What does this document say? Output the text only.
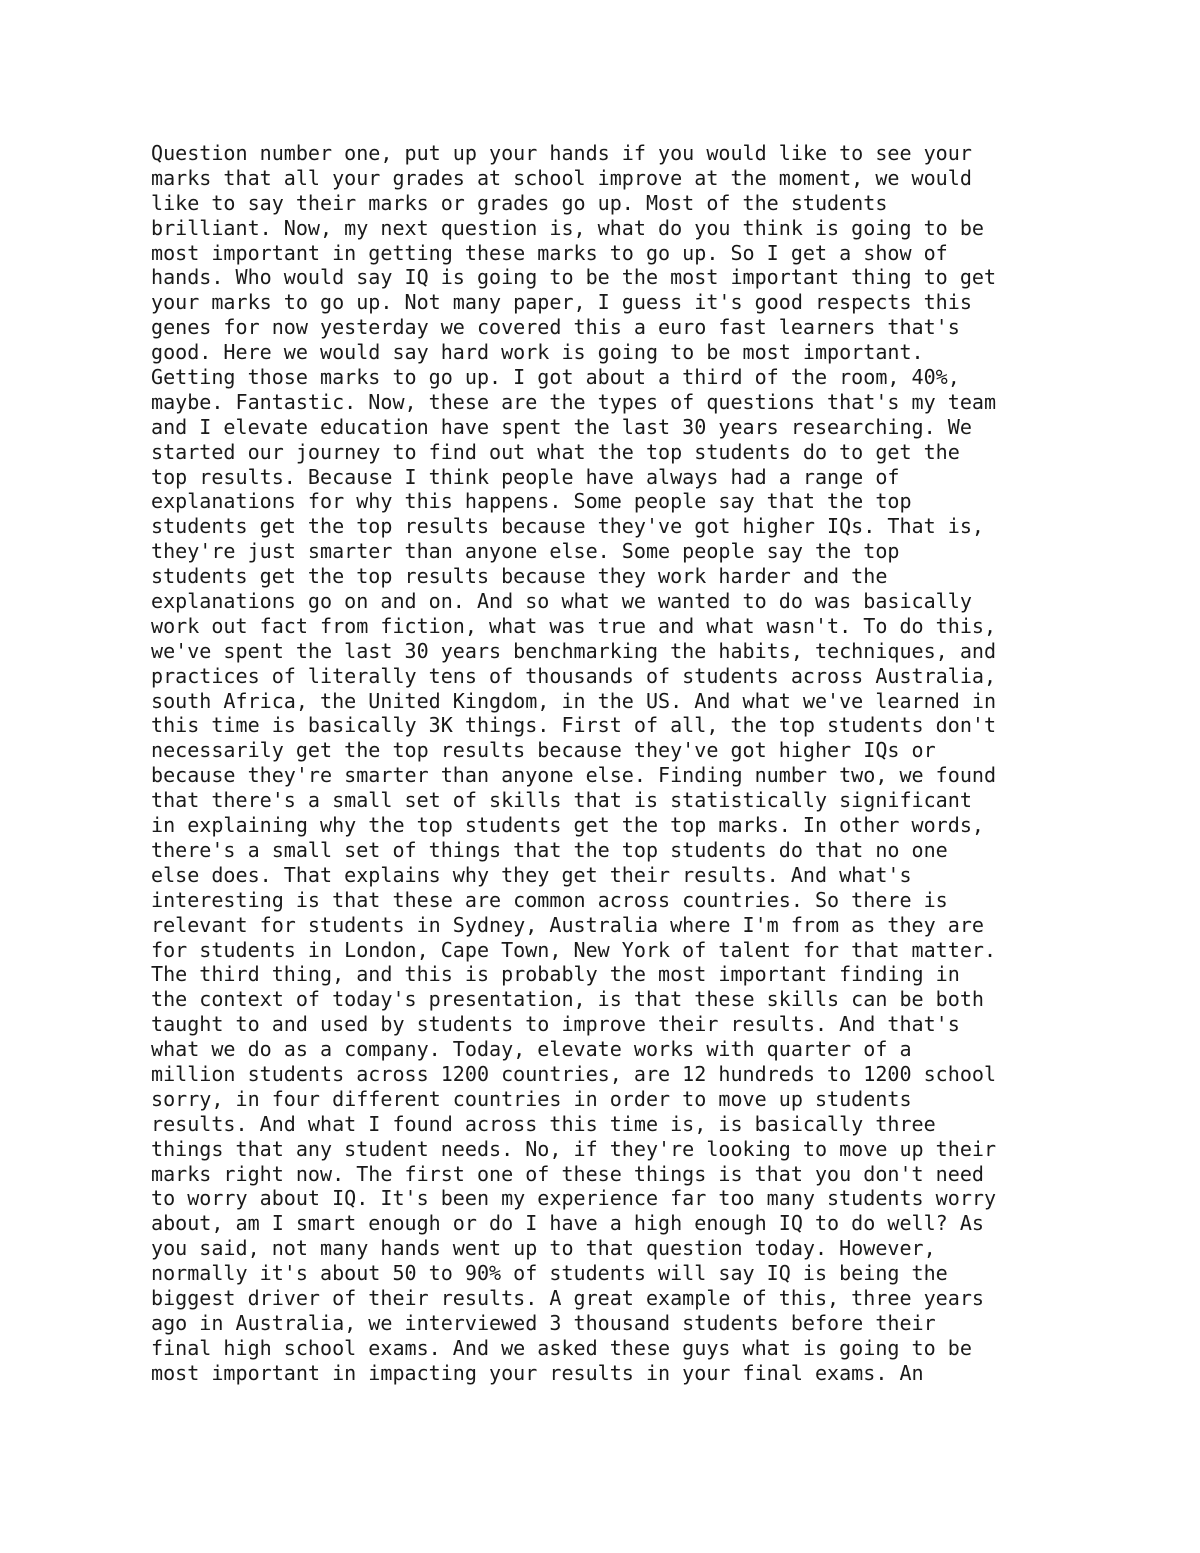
Question number one, put up your hands if you would like to see your
marks that all your grades at school improve at the moment, we would
like to say their marks or grades go up. Most of the students
brilliant. Now, my next question is, what do you think is going to be
most important in getting these marks to go up. So I get a show of
hands. Who would say IQ is going to be the most important thing to get
your marks to go up. Not many paper, I guess it's good respects this
genes for now yesterday we covered this a euro fast learners that's
good. Here we would say hard work is going to be most important.
Getting those marks to go up. I got about a third of the room, 40%,
maybe. Fantastic. Now, these are the types of questions that's my team
and I elevate education have spent the last 30 years researching. We
started our journey to find out what the top students do to get the
top results. Because I think people have always had a range of
explanations for why this happens. Some people say that the top
students get the top results because they've got higher IQs. That is,
they're just smarter than anyone else. Some people say the top
students get the top results because they work harder and the
explanations go on and on. And so what we wanted to do was basically
work out fact from fiction, what was true and what wasn't. To do this,
we've spent the last 30 years benchmarking the habits, techniques, and
practices of literally tens of thousands of students across Australia,
south Africa, the United Kingdom, in the US. And what we've learned in
this time is basically 3K things. First of all, the top students don't
necessarily get the top results because they've got higher IQs or
because they're smarter than anyone else. Finding number two, we found
that there's a small set of skills that is statistically significant
in explaining why the top students get the top marks. In other words,
there's a small set of things that the top students do that no one
else does. That explains why they get their results. And what's
interesting is that these are common across countries. So there is
relevant for students in Sydney, Australia where I'm from as they are
for students in London, Cape Town, New York of talent for that matter.
The third thing, and this is probably the most important finding in
the context of today's presentation, is that these skills can be both
taught to and used by students to improve their results. And that's
what we do as a company. Today, elevate works with quarter of a
million students across 1200 countries, are 12 hundreds to 1200 school
sorry, in four different countries in order to move up students
results. And what I found across this time is, is basically three
things that any student needs. No, if they're looking to move up their
marks right now. The first one of these things is that you don't need
to worry about IQ. It's been my experience far too many students worry
about, am I smart enough or do I have a high enough IQ to do well? As
you said, not many hands went up to that question today. However,
normally it's about 50 to 90% of students will say IQ is being the
biggest driver of their results. A great example of this, three years
ago in Australia, we interviewed 3 thousand students before their
final high school exams. And we asked these guys what is going to be
most important in impacting your results in your final exams. An
